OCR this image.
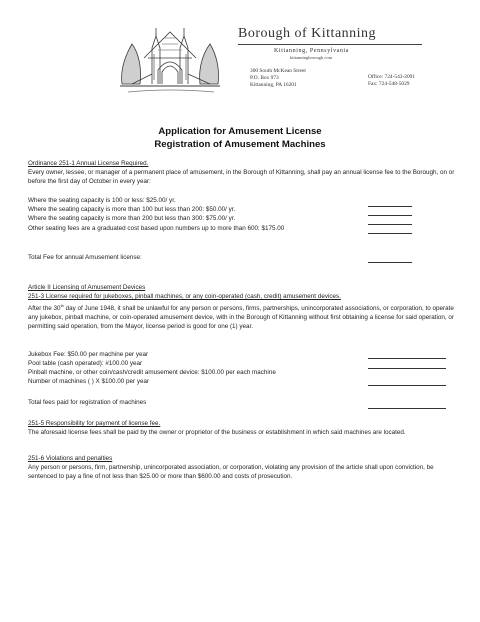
Borough of Kittanning
Kittanning, Pennsylvania
kittanningborough.com
300 South McKean Street
P.O. Box 973
Kittanning, PA 16201
Office: 724-543-2091
Fax: 724-548-5029
Application for Amusement License
Registration of Amusement Machines
Ordinance 251-1 Annual License Required.
Every owner, lessee, or manager of a permanent place of amusement, in the Borough of Kittanning, shall pay an annual license fee to the Borough, on or before the first day of October in every year:
Where the seating capacity is 100 or less: $25.00/ yr.
Where the seating capacity is more than 100 but less than 200: $50.00/ yr.
Where the seating capacity is more than 200 but less than 300: $75.00/ yr.
Other seating fees are a graduated cost based upon numbers up to more than 600: $175.00
Total Fee for annual Amusement license:
Article II Licensing of Amusement Devices
251-3 License required for jukeboxes, pinball machines, or any coin-operated (cash, credit) amusement devices.
After the 30th day of June 1948, it shall be unlawful for any person or persons, firms, partnerships, unincorporated associations, or corporation, to operate any jukebox, pinball machine, or coin-operated amusement device, with in the Borough of Kittanning without first obtaining a license for said operation, or permitting said operation, from the Mayor, license period is good for one (1) year.
Jukebox Fee: $50.00 per machine per year
Pool table (cash operated): #100.00 year
Pinball machine, or other coin/cash/credit amusement device: $100.00 per each machine
Number of machines ( ) X $100.00 per year
Total fees paid for registration of machines
251-5 Responsibility for payment of license fee.
The aforesaid license fees shall be paid by the owner or proprietor of the business or establishment in which said machines are located.
251-6 Violations and penalties
Any person or persons, firm, partnership, unincorporated association, or corporation, violating any provision of the article shall upon conviction, be sentenced to pay a fine of not less than $25.00 or more than $600.00 and costs of prosecution.
